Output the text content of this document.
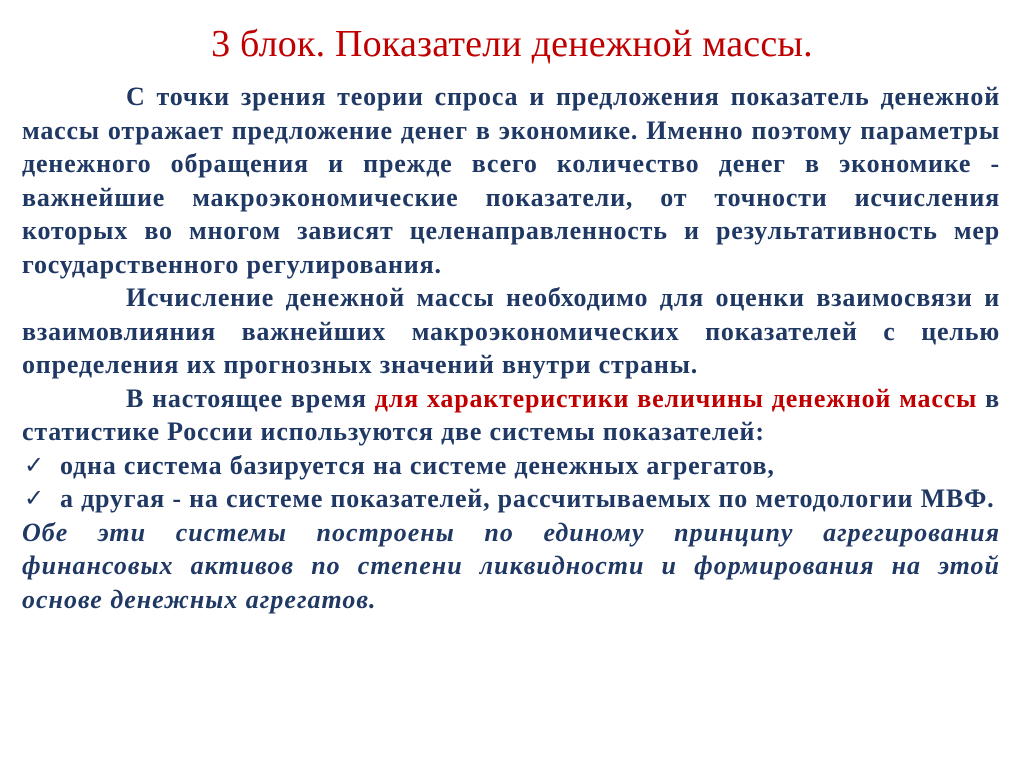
3 блок. Показатели денежной массы.

С точки зрения теории спроса и предложения показатель денежной массы отражает предложение денег в экономике. Именно поэтому параметры денежного обращения и прежде всего количество денег в экономике - важнейшие макроэкономические показатели, от точности исчисления которых во многом зависят целенаправленность и результативность мер государственного регулирования.

Исчисление денежной массы необходимо для оценки взаимосвязи и взаимовлияния важнейших макроэкономических показателей с целью определения их прогнозных значений внутри страны.

В настоящее время для характеристики величины денежной массы в статистике России используются две системы показателей:

✓ одна система базируется на системе денежных агрегатов,
✓ а другая - на системе показателей, рассчитываемых по методологии МВФ.

Обе эти системы построены по единому принципу агрегирования финансовых активов по степени ликвидности и формирования на этой основе денежных агрегатов.
